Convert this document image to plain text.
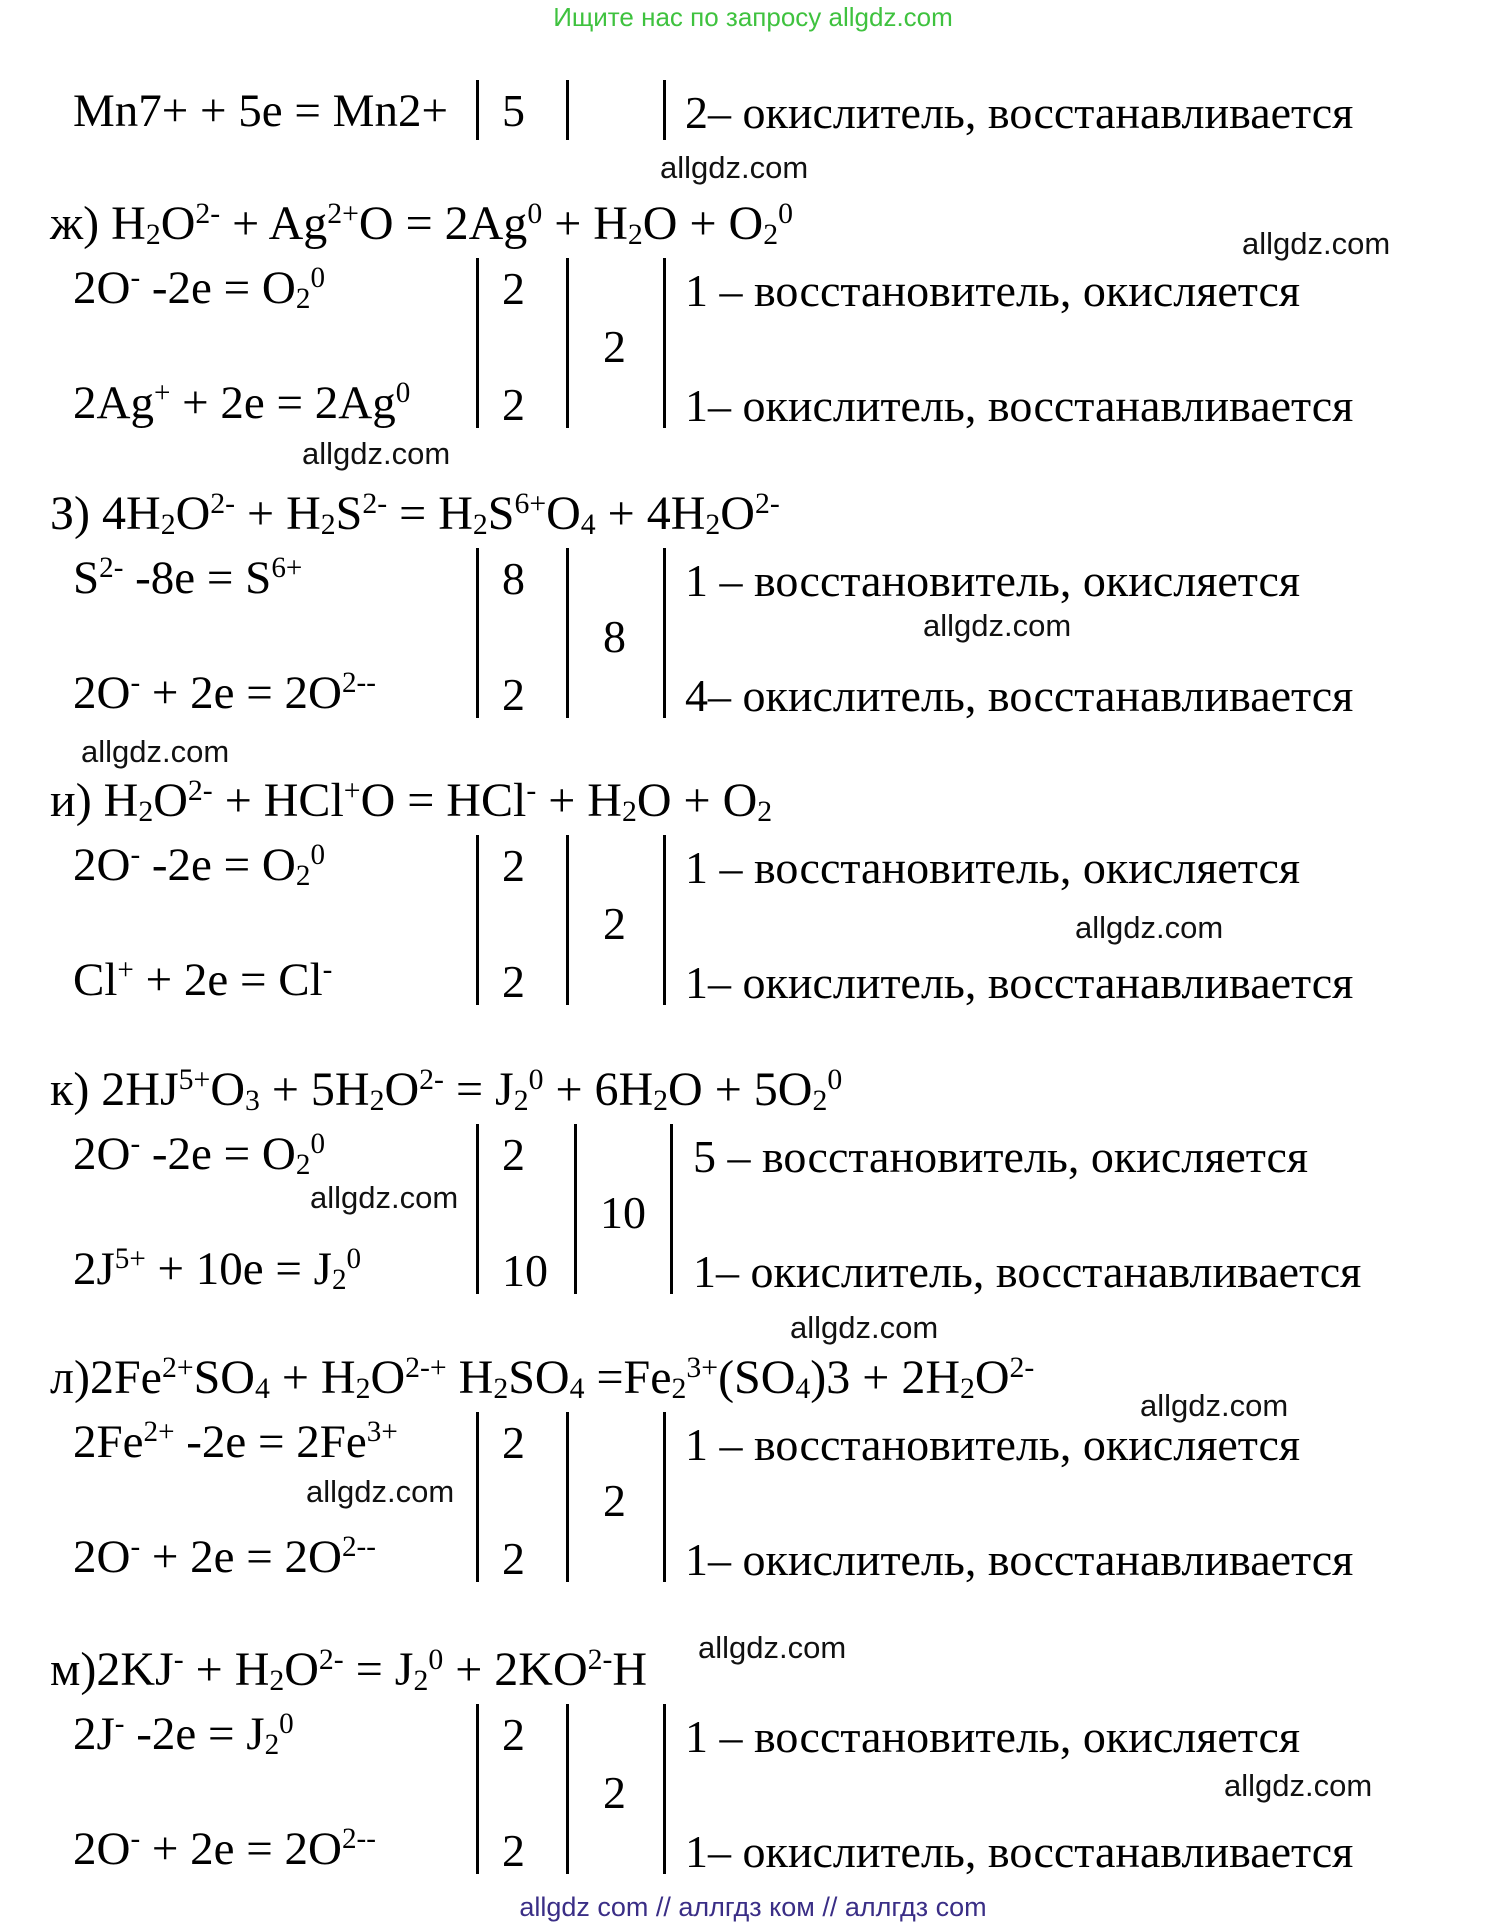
Ищите нас по запросу allgdz.com
Mn7+ + 5e = Mn2+ 5	2– окислитель, восстанавливается
allgdz.com
ж) $H_2O^{2-} + Ag^{2+}O = 2Ag^0 + H_2O + O_2^0$
2O- $-2e = O_2^0$
$2Ag^+ + 2e = 2Ag^0$
2
2
2
1 – восстановитель, окисляется
1– окислитель, восстанавливается
З) $4H_2O^{2-} + H_2S^{2-} = H_2S^{6+}O_4 + 4H_2O^{2-}$
$S^{2-}$ $-8e = S^{6+}$
$2O^- + 2e = 2O^{2--}$
8
2
8
1 – восстановитель, окисляется
4– окислитель, восстанавливается
и) $H_2O^{2-} + HCl^+O = HCl^- + H_2O + O_2$
2O- $-2e = O_2^0$
Cl+ + 2e = Cl-
2
2
2
1 – восстановитель, окисляется
1– окислитель, восстанавливается
к) $2HJ^{5+}O_3 + 5H_2O^{2-} = J_2^0 + 6H_2O + 5O_2^0$
2O- $-2e = O_2^0$
$2J^{5+} + 10e = J_2^0$
2
10
10
5 – восстановитель, окисляется
1– окислитель, восстанавливается
$л)2Fe^{2+}SO_4 + H_2O^{2-+}$ $H_2SO_4 =Fe_2^{3+}(SO_4)3 + 2H_2O^{2-}$
$2Fe^{2+}$ $-2e = 2Fe^{3+}$
$2O^- + 2e = 2O^{2--}$
2
2
2
1 – восстановитель, окисляется
1– окислитель, восстанавливается
$м)2KJ^- + H_2O^{2-} = J_2^0 + 2KO^{2-}H$
2J- $-2e = J_2^0$
$2O^- + 2e = 2O^{2--}$
2
2
2
1 – восстановитель, окисляется
1– окислитель, восстанавливается
allgdz.com
allgdz.com
allgdz.com
allgdz.com
allgdz.com
allgdz.com
allgdz.com
allgdz.com
allgdz.com
allgdz.com
allgdz.com
allgdz com // аллгдз ком // аллгдз com
